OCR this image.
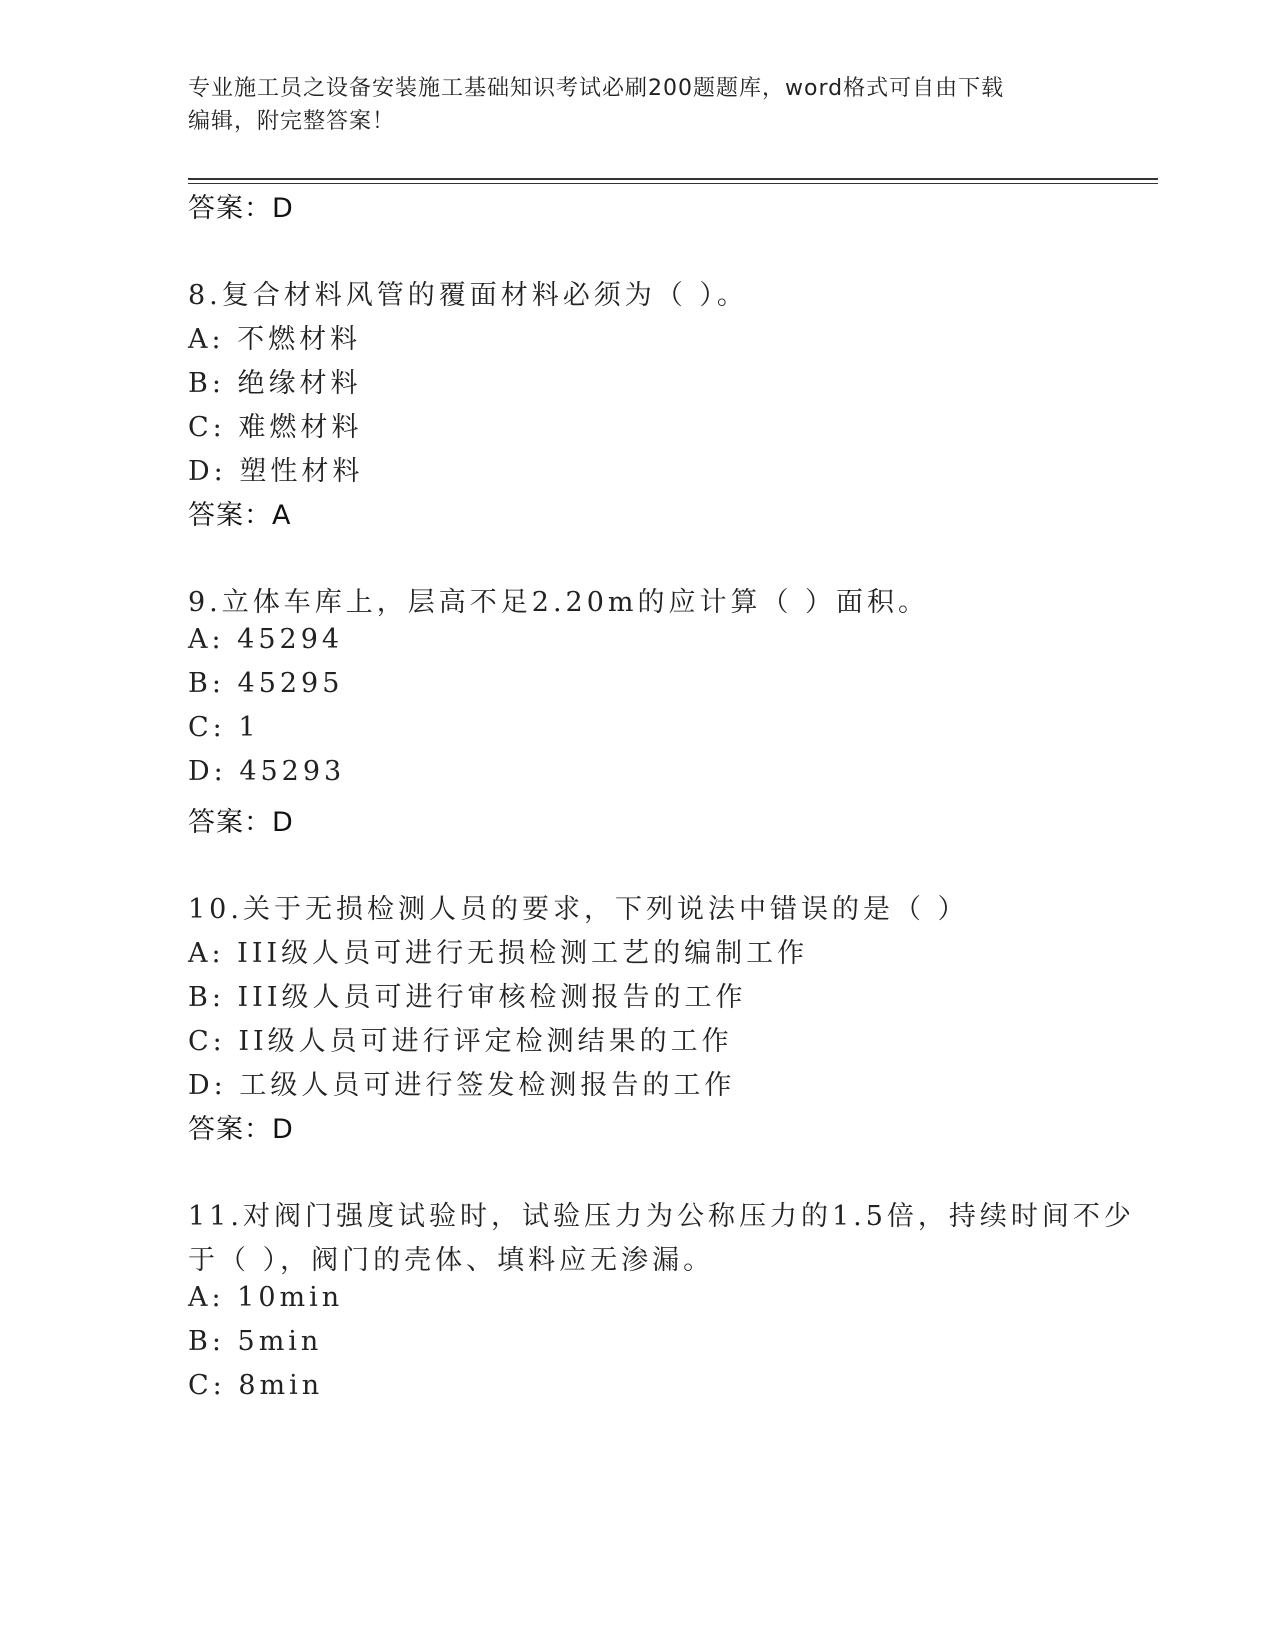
专业施工员之设备安装施工基础知识考试必刷200题题库，word格式可自由下载
编辑，附完整答案！
答案：D
8.复合材料风管的覆面材料必须为（ ）。
A: 不燃材料
B: 绝缘材料
C: 难燃材料
D: 塑性材料
答案：A
9.立体车库上，层高不足2.20m的应计算（ ）面积。
A: 45294
B: 45295
C: 1
D: 45293
答案：D
10.关于无损检测人员的要求，下列说法中错误的是（ ）
A: III级人员可进行无损检测工艺的编制工作
B: III级人员可进行审核检测报告的工作
C: II级人员可进行评定检测结果的工作
D: 工级人员可进行签发检测报告的工作
答案：D
11.对阀门强度试验时，试验压力为公称压力的1.5倍，持续时间不少
于（ ），阀门的壳体、填料应无渗漏。
A: 10min
B: 5min
C: 8min
